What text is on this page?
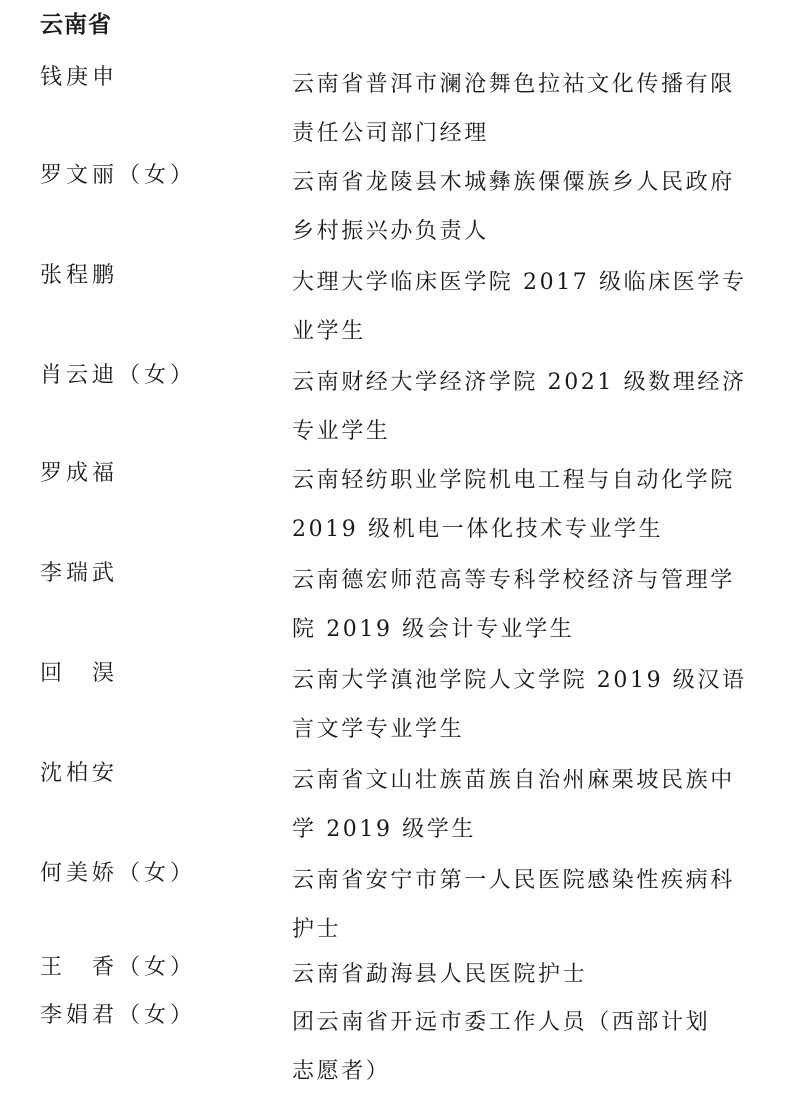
云南省
钱庚申	云南省普洱市澜沧舞色拉祜文化传播有限
责任公司部门经理
罗文丽（女）	云南省龙陵县木城彝族傈僳族乡人民政府
乡村振兴办负责人
张程鹏	大理大学临床医学院 2017 级临床医学专
业学生
肖云迪（女）	云南财经大学经济学院 2021 级数理经济
专业学生
罗成福	云南轻纺职业学院机电工程与自动化学院
2019 级机电一体化技术专业学生
李瑞武	云南德宏师范高等专科学校经济与管理学
院 2019 级会计专业学生
回　淏	云南大学滇池学院人文学院 2019 级汉语
言文学专业学生
沈柏安	云南省文山壮族苗族自治州麻栗坡民族中
学 2019 级学生
何美娇（女）	云南省安宁市第一人民医院感染性疾病科
护士
王　香（女）	云南省勐海县人民医院护士
李娟君（女）	团云南省开远市委工作人员（西部计划
志愿者）
